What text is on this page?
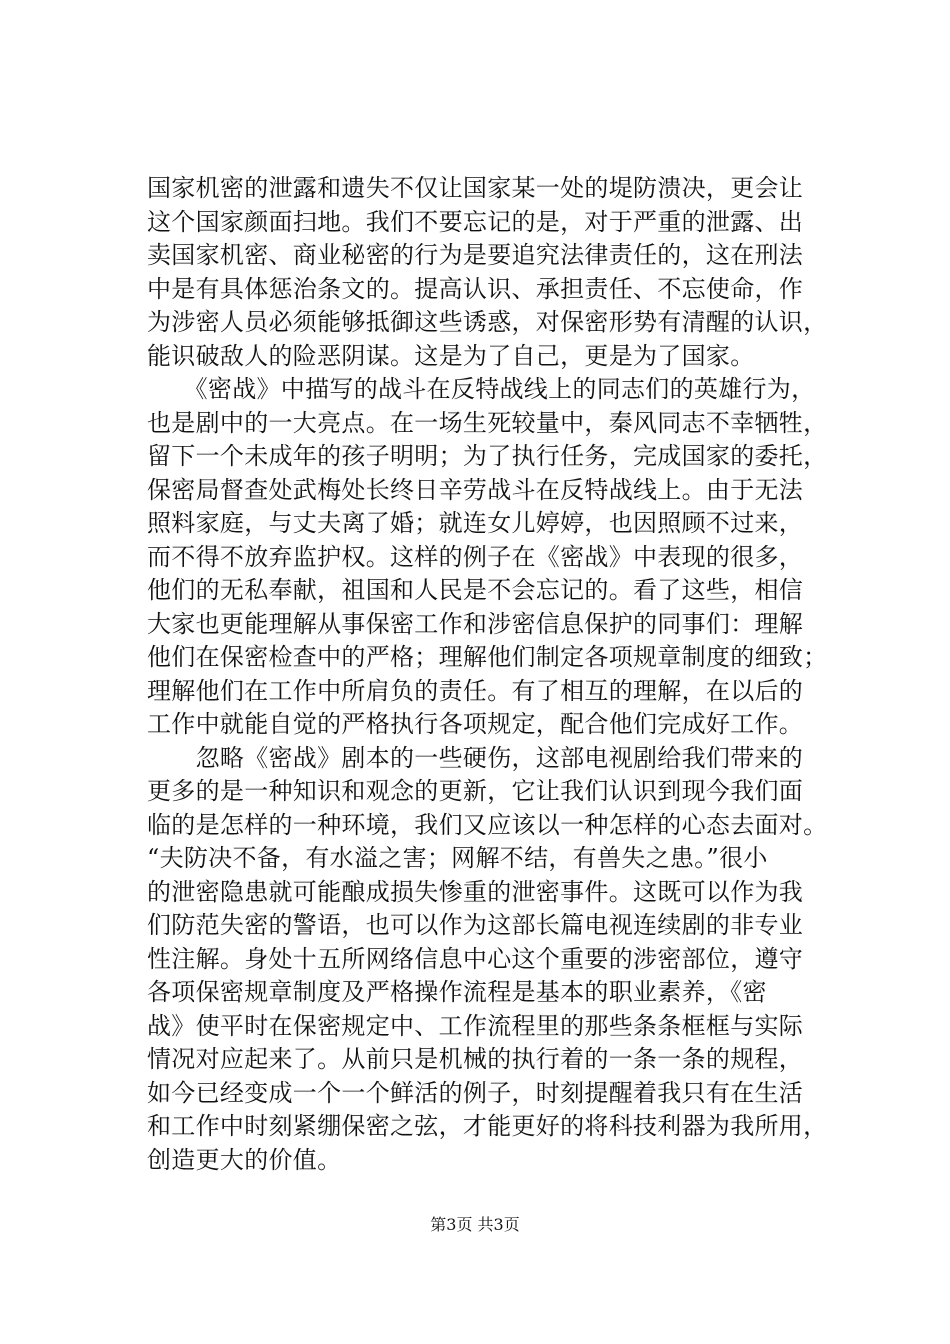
国家机密的泄露和遗失不仅让国家某一处的堤防溃决，更会让
这个国家颜面扫地。我们不要忘记的是，对于严重的泄露、出
卖国家机密、商业秘密的行为是要追究法律责任的，这在刑法
中是有具体惩治条文的。提高认识、承担责任、不忘使命，作
为涉密人员必须能够抵御这些诱惑，对保密形势有清醒的认识，
能识破敌人的险恶阴谋。这是为了自己，更是为了国家。
　　《密战》中描写的战斗在反特战线上的同志们的英雄行为，
也是剧中的一大亮点。在一场生死较量中，秦风同志不幸牺牲，
留下一个未成年的孩子明明；为了执行任务，完成国家的委托，
保密局督查处武梅处长终日辛劳战斗在反特战线上。由于无法
照料家庭，与丈夫离了婚；就连女儿婷婷，也因照顾不过来，
而不得不放弃监护权。这样的例子在《密战》中表现的很多，
他们的无私奉献，祖国和人民是不会忘记的。看了这些，相信
大家也更能理解从事保密工作和涉密信息保护的同事们：理解
他们在保密检查中的严格；理解他们制定各项规章制度的细致；
理解他们在工作中所肩负的责任。有了相互的理解，在以后的
工作中就能自觉的严格执行各项规定，配合他们完成好工作。
　　忽略《密战》剧本的一些硬伤，这部电视剧给我们带来的
更多的是一种知识和观念的更新，它让我们认识到现今我们面
临的是怎样的一种环境，我们又应该以一种怎样的心态去面对。
“夫防决不备，有水溢之害；网解不结，有兽失之患。”很小
的泄密隐患就可能酿成损失惨重的泄密事件。这既可以作为我
们防范失密的警语，也可以作为这部长篇电视连续剧的非专业
性注解。身处十五所网络信息中心这个重要的涉密部位，遵守
各项保密规章制度及严格操作流程是基本的职业素养，《密
战》使平时在保密规定中、工作流程里的那些条条框框与实际
情况对应起来了。从前只是机械的执行着的一条一条的规程，
如今已经变成一个一个鲜活的例子，时刻提醒着我只有在生活
和工作中时刻紧绷保密之弦，才能更好的将科技利器为我所用，
创造更大的价值。
第3页 共3页
